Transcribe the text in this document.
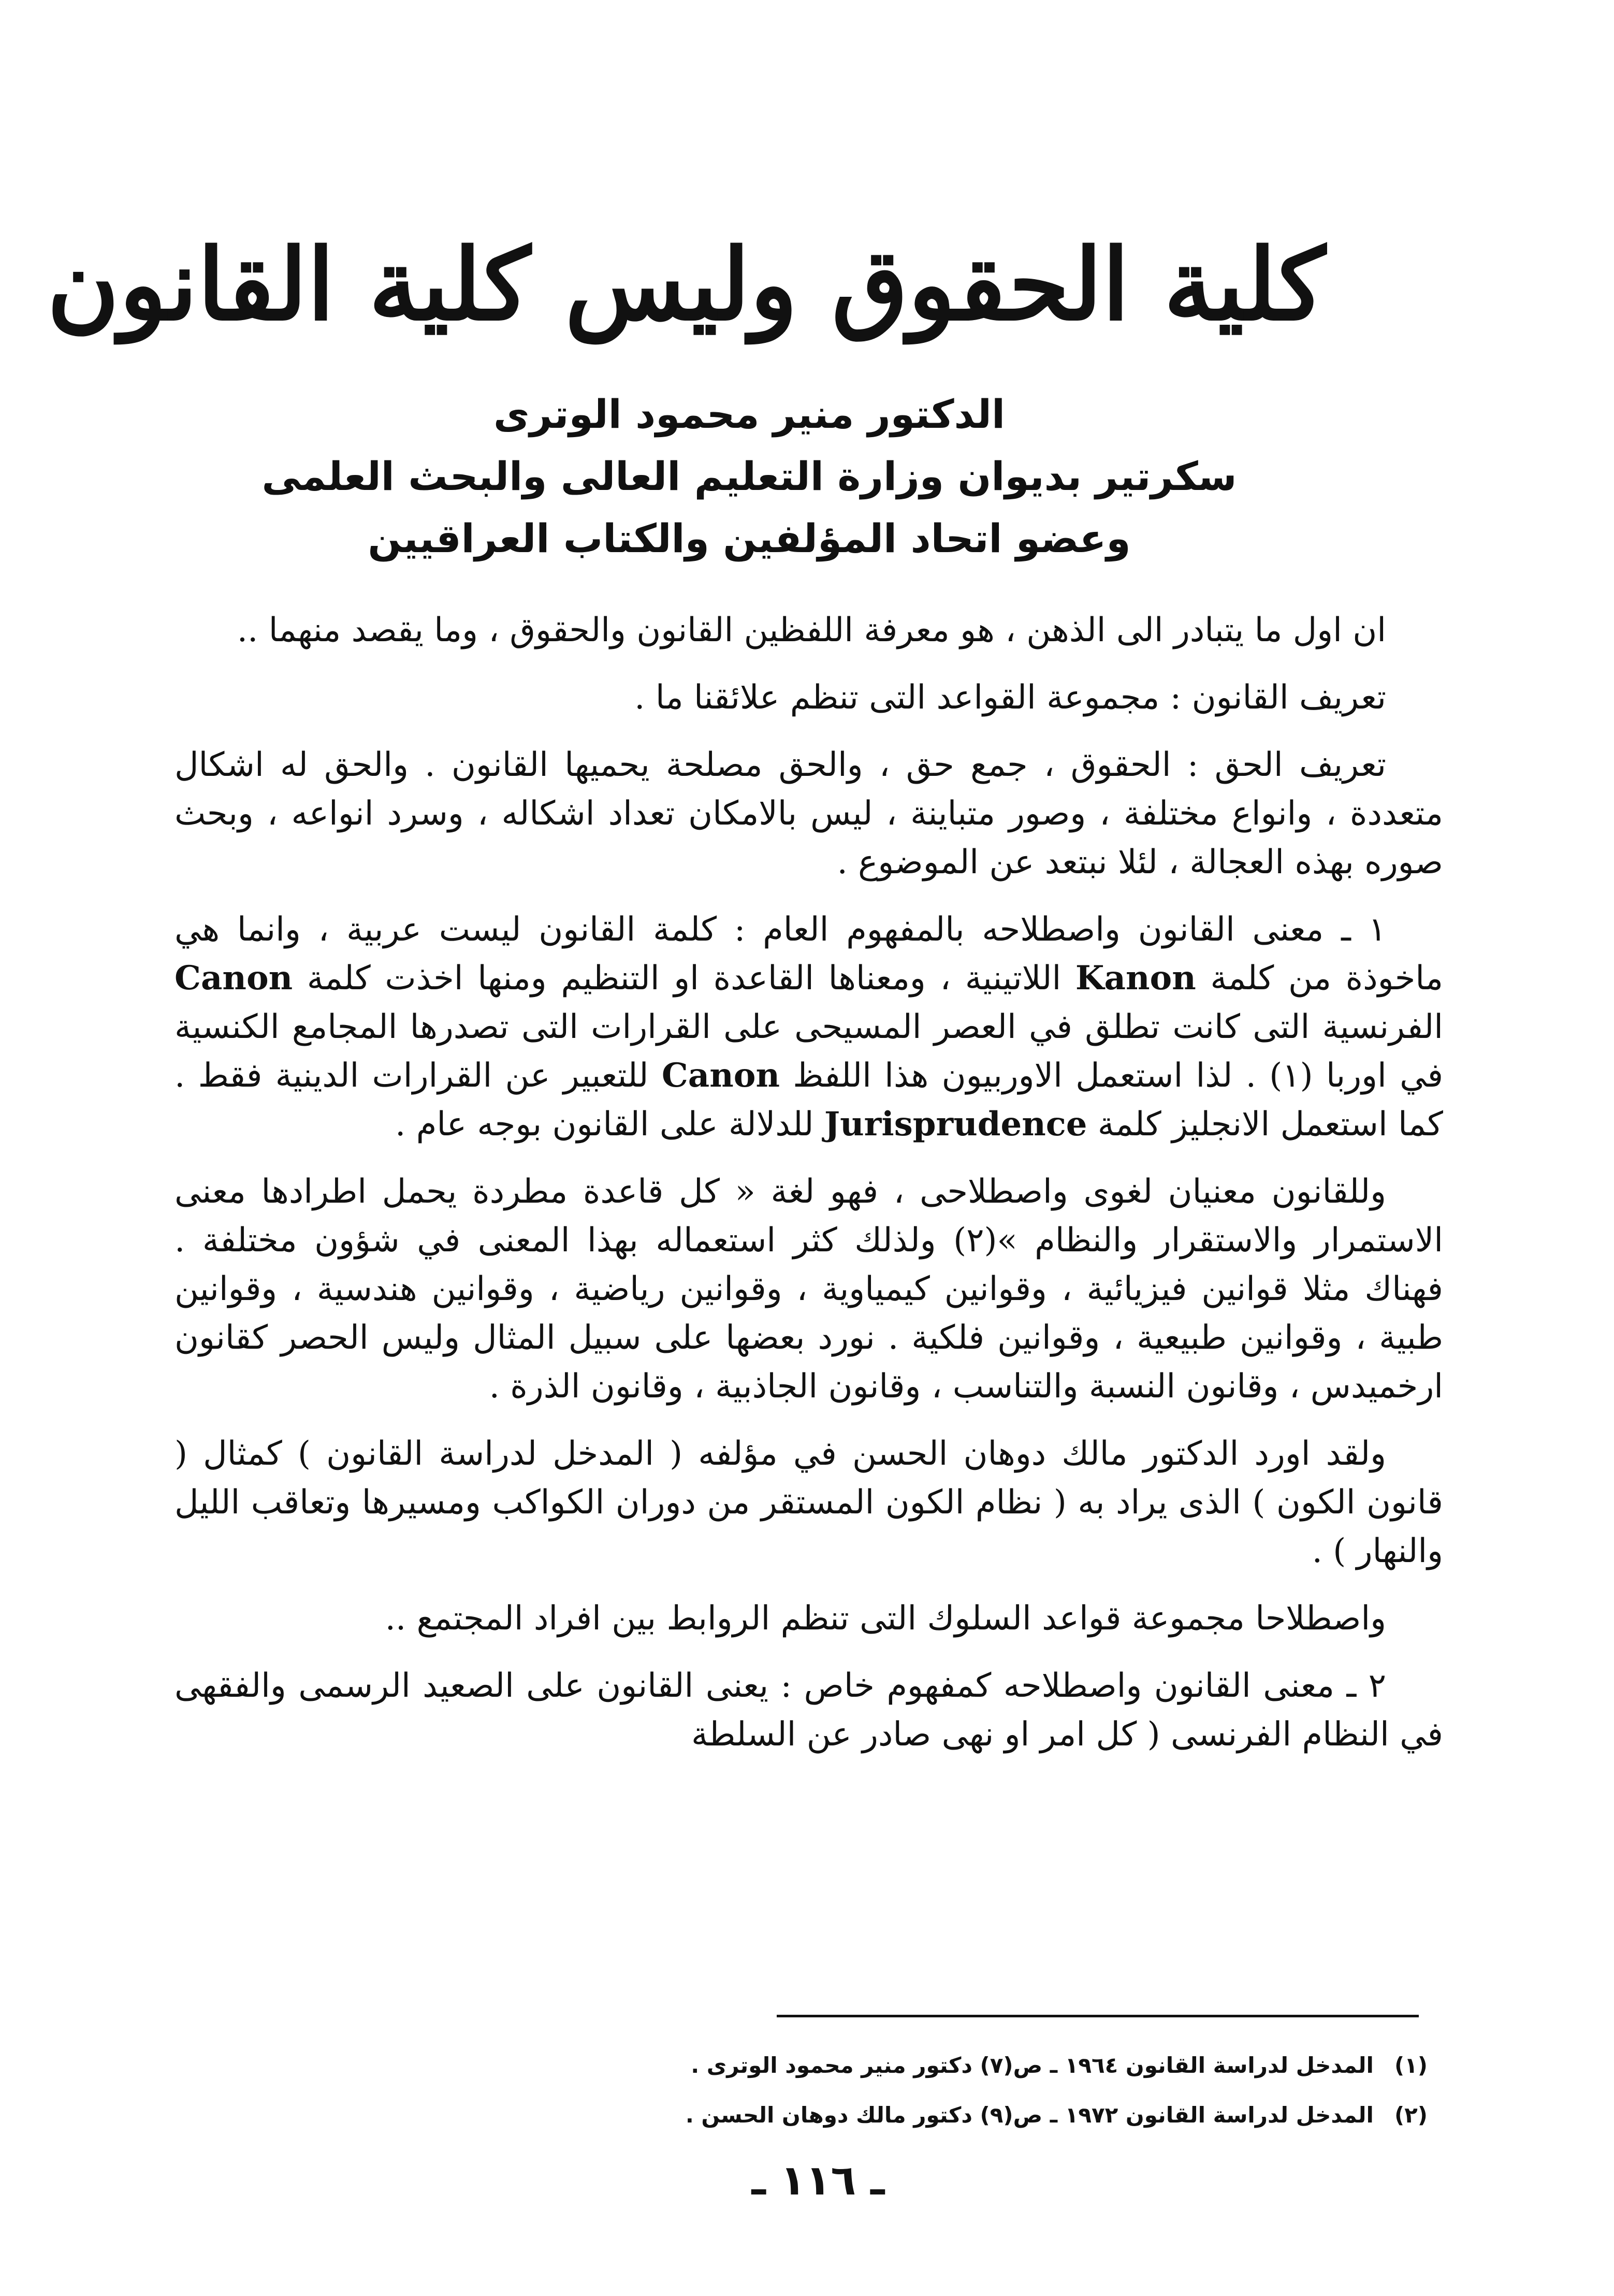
كلية الحقوق وليس كلية القانون
الدكتور منير محمود الوترى
سكرتير بديوان وزارة التعليم العالى والبحث العلمى
وعضو اتحاد المؤلفين والكتاب العراقيين

ان اول ما يتبادر الى الذهن ، هو معرفة اللفظين القانون والحقوق ، وما يقصد منهما ..

تعريف القانون : مجموعة القواعد التى تنظم علائقنا ما .

تعريف الحق : الحقوق ، جمع حق ، والحق مصلحة يحميها القانون . والحق له اشكال متعددة ، وانواع مختلفة ، وصور متباينة ، ليس بالامكان تعداد اشكاله ، وسرد انواعه ، وبحث صوره بهذه العجالة ، لئلا نبتعد عن الموضوع .

١ ـ معنى القانون واصطلاحه بالمفهوم العام : كلمة القانون ليست عربية ، وانما هي ماخوذة من كلمة Kanon اللاتينية ، ومعناها القاعدة او التنظيم ومنها اخذت كلمة Canon الفرنسية التى كانت تطلق في العصر المسيحى على القرارات التى تصدرها المجامع الكنسية في اوربا (١) . لذا استعمل الاوربيون هذا اللفظ Canon للتعبير عن القرارات الدينية فقط . كما استعمل الانجليز كلمة Jurisprudence للدلالة على القانون بوجه عام .

وللقانون معنيان لغوى واصطلاحى ، فهو لغة « كل قاعدة مطردة يحمل اطرادها معنى الاستمرار والاستقرار والنظام »(٢) ولذلك كثر استعماله بهذا المعنى في شؤون مختلفة . فهناك مثلا قوانين فيزيائية ، وقوانين كيمياوية ، وقوانين رياضية ، وقوانين هندسية ، وقوانين طبية ، وقوانين طبيعية ، وقوانين فلكية . نورد بعضها على سبيل المثال وليس الحصر كقانون ارخميدس ، وقانون النسبة والتناسب ، وقانون الجاذبية ، وقانون الذرة .

ولقد اورد الدكتور مالك دوهان الحسن في مؤلفه ( المدخل لدراسة القانون ) كمثال ( قانون الكون ) الذى يراد به ( نظام الكون المستقر من دوران الكواكب ومسيرها وتعاقب الليل والنهار ) .

واصطلاحا مجموعة قواعد السلوك التى تنظم الروابط بين افراد المجتمع ..

٢ ـ معنى القانون واصطلاحه كمفهوم خاص : يعنى القانون على الصعيد الرسمى والفقهى في النظام الفرنسى ( كل امر او نهى صادر عن السلطة

(١)المدخل لدراسة القانون ١٩٦٤ ـ ص(٧) دكتور منير محمود الوترى .
(٢)المدخل لدراسة القانون ١٩٧٢ ـ ص(٩) دكتور مالك دوهان الحسن .
ـ ١١٦ ـ
